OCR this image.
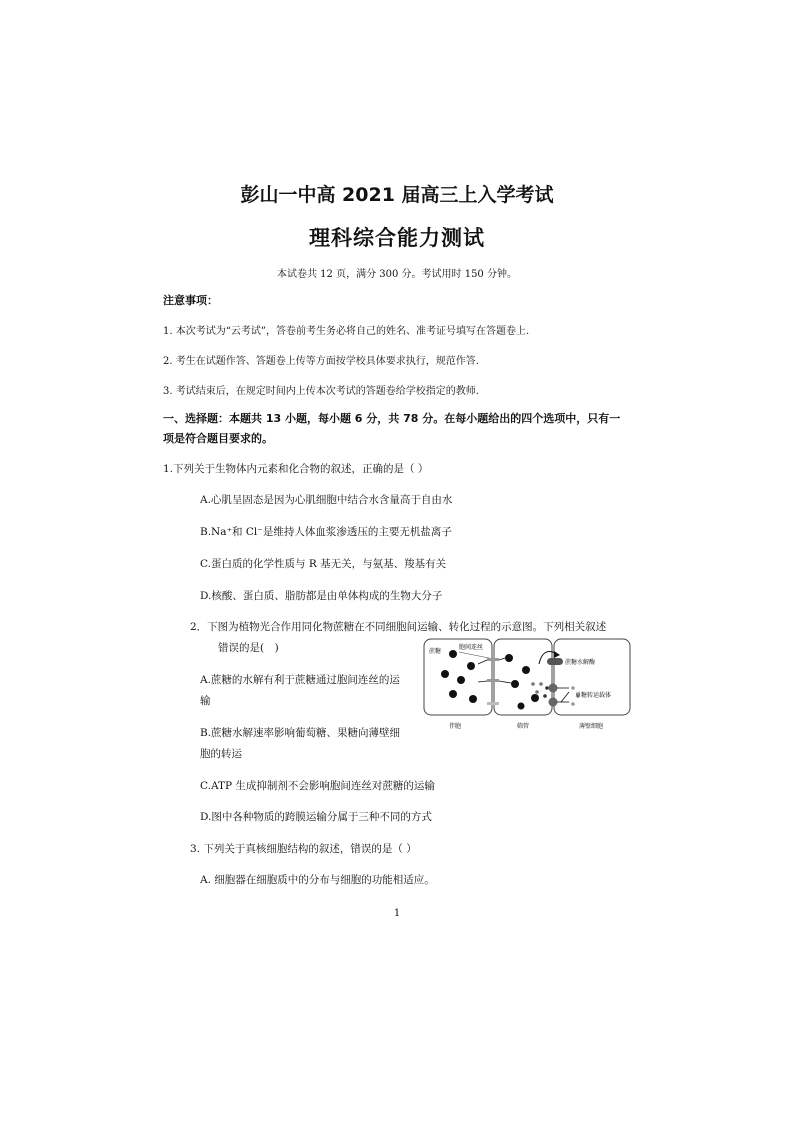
彭山一中高 2021 届高三上入学考试
理科综合能力测试
本试卷共 12 页，满分 300 分。考试用时 150 分钟。
注意事项：
1. 本次考试为“云考试”，答卷前考生务必将自己的姓名、准考证号填写在答题卷上.
2. 考生在试题作答、答题卷上传等方面按学校具体要求执行，规范作答.
3. 考试结束后，在规定时间内上传本次考试的答题卷给学校指定的教师.
一、选择题：本题共 13 小题，每小题 6 分，共 78 分。在每小题给出的四个选项中，只有一
项是符合题目要求的。
1.下列关于生物体内元素和化合物的叙述，正确的是（ ）
A.心肌呈固态是因为心肌细胞中结合水含量高于自由水
B.Na⁺和 Cl⁻是维持人体血浆渗透压的主要无机盐离子
C.蛋白质的化学性质与 R 基无关，与氨基、羧基有关
D.核酸、蛋白质、脂肪都是由单体构成的生物大分子
2．下图为植物光合作用同化物蔗糖在不同细胞间运输、转化过程的示意图。下列相关叙述
错误的是(　)
A.蔗糖的水解有利于蔗糖通过胞间连丝的运
输
B.蔗糖水解速率影响葡萄糖、果糖向薄壁细
胞的转运
C.ATP 生成抑制剂不会影响胞间连丝对蔗糖的运输
D.图中各种物质的跨膜运输分属于三种不同的方式
蔗糖
胞间连丝
蔗糖水解酶
单糖转运载体
伴胞	筛管	薄壁细胞
3. 下列关于真核细胞结构的叙述，错误的是（ ）
A. 细胞器在细胞质中的分布与细胞的功能相适应。
1
